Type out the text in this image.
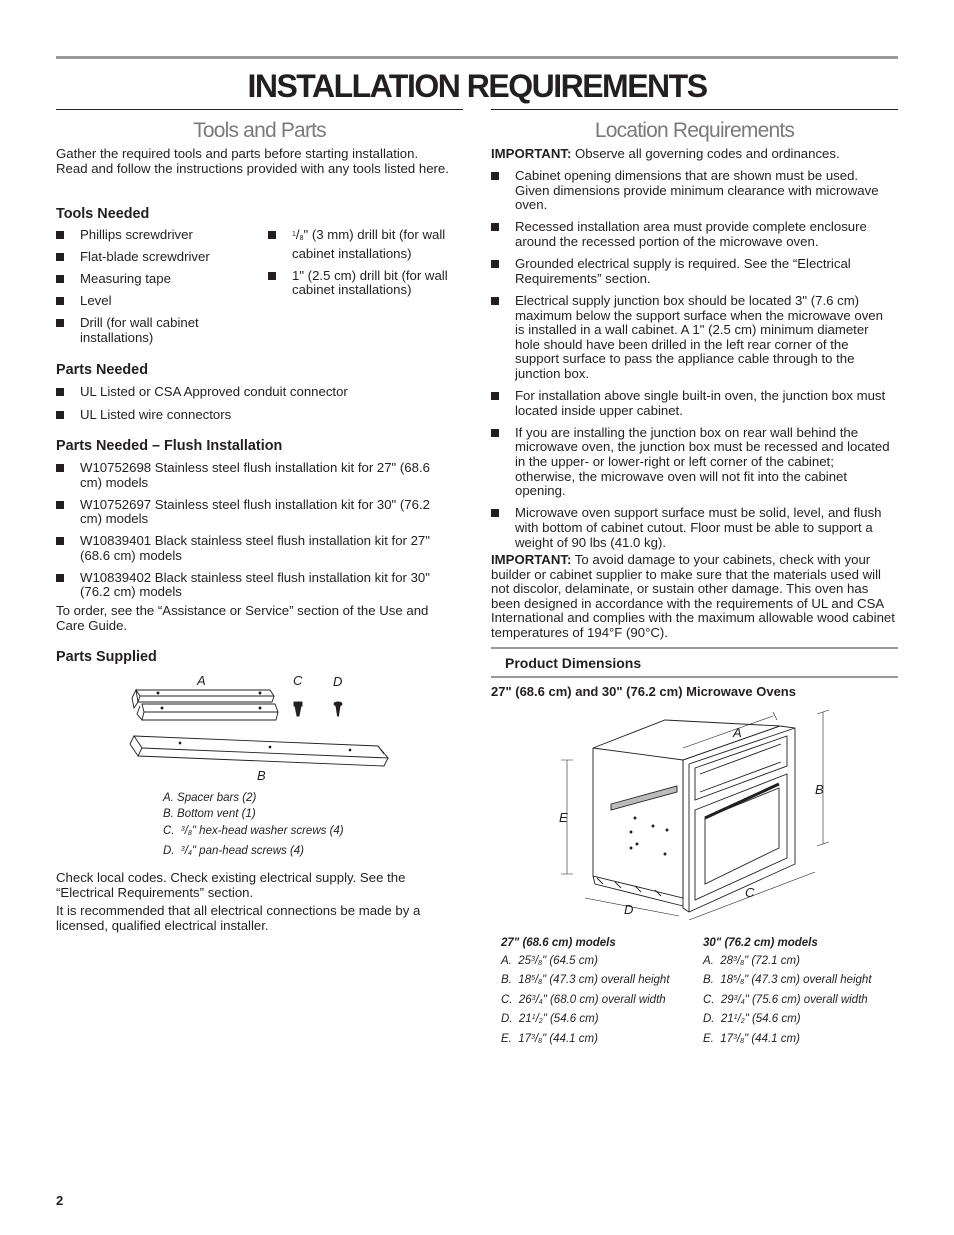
INSTALLATION REQUIREMENTS
Tools and Parts

Gather the required tools and parts before starting installation. Read and follow the instructions provided with any tools listed here.

Tools Needed
Phillips screwdriver
Flat-blade screwdriver
Measuring tape
Level
Drill (for wall cabinet installations)
$^1$/8" (3 mm) drill bit (for wall cabinet installations)
1" (2.5 cm) drill bit (for wall cabinet installations)
Parts Needed
UL Listed or CSA Approved conduit connector
UL Listed wire connectors
Parts Needed – Flush Installation
W10752698 Stainless steel flush installation kit for 27" (68.6 cm) models
W10752697 Stainless steel flush installation kit for 30" (76.2 cm) models
W10839401 Black stainless steel flush installation kit for 27" (68.6 cm) models
W10839402 Black stainless steel flush installation kit for 30" (76.2 cm) models

To order, see the “Assistance or Service” section of the Use and Care Guide.

Parts Supplied
A	C D
B
A. Spacer bars (2)
B. Bottom vent (1)
C.  $^3$/8" hex-head washer screws (4)
D.  $^3$/4" pan-head screws (4)

Check local codes. Check existing electrical supply. See the “Electrical Requirements” section.

It is recommended that all electrical connections be made by a licensed, qualified electrical installer.

Location Requirements

IMPORTANT: Observe all governing codes and ordinances.

Cabinet opening dimensions that are shown must be used. Given dimensions provide minimum clearance with microwave oven.
Recessed installation area must provide complete enclosure around the recessed portion of the microwave oven.
Grounded electrical supply is required. See the “Electrical Requirements” section.
Electrical supply junction box should be located 3" (7.6 cm) maximum below the support surface when the microwave oven is installed in a wall cabinet. A 1" (2.5 cm) minimum diameter hole should have been drilled in the left rear corner of the support surface to pass the appliance cable through to the junction box.
For installation above single built-in oven, the junction box must located inside upper cabinet.
If you are installing the junction box on rear wall behind the microwave oven, the junction box must be recessed and located in the upper- or lower-right or left corner of the cabinet; otherwise, the microwave oven will not fit into the cabinet opening.
Microwave oven support surface must be solid, level, and flush with bottom of cabinet cutout. Floor must be able to support a weight of 90 lbs (41.0 kg).

IMPORTANT: To avoid damage to your cabinets, check with your builder or cabinet supplier to make sure that the materials used will not discolor, delaminate, or sustain other damage. This oven has been designed in accordance with the requirements of UL and CSA International and complies with the maximum allowable wood cabinet temperatures of 194°F (90°C).

Product Dimensions
27" (68.6 cm) and 30" (76.2 cm) Microwave Ovens
A
B
C
D
E
27" (68.6 cm) models
A.  $25^3/8$" (64.5 cm)
B.  $18^5/8$" (47.3 cm) overall height
C.  $26^3/4$" (68.0 cm) overall width
D.  $21^1/2$" (54.6 cm)
E.  $17^3/8$" (44.1 cm)
30" (76.2 cm) models
A.  $28^3/8$" (72.1 cm)
B.  $18^5/8$" (47.3 cm) overall height
C.  $29^3/4$" (75.6 cm) overall width
D.  $21^1/2$" (54.6 cm)
E.  $17^3/8$" (44.1 cm)
2
